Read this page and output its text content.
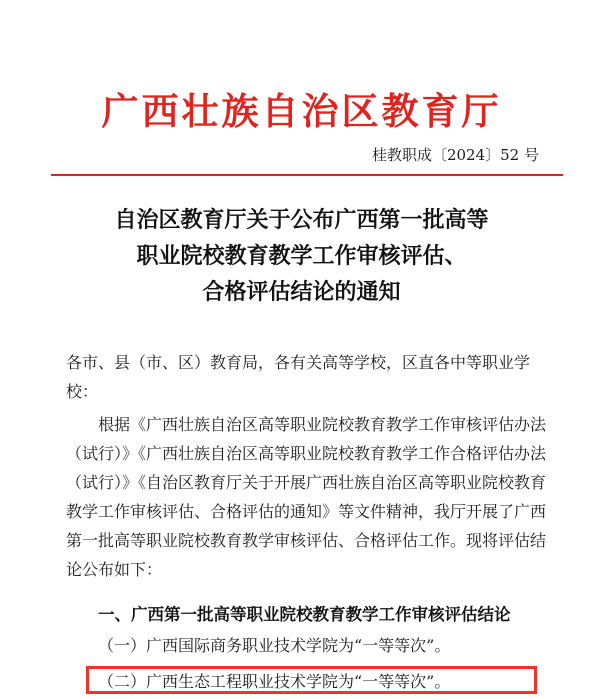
广西壮族自治区教育厅
桂教职成〔2024〕52 号
自治区教育厅关于公布广西第一批高等
职业院校教育教学工作审核评估、
合格评估结论的通知
各市、县（市、区）教育局，各有关高等学校，区直各中等职业学校：
根据《广西壮族自治区高等职业院校教育教学工作审核评估办法（试行）》《广西壮族自治区高等职业院校教育教学工作合格评估办法（试行）》《自治区教育厅关于开展广西壮族自治区高等职业院校教育教学工作审核评估、合格评估的通知》等文件精神，我厅开展了广西第一批高等职业院校教育教学审核评估、合格评估工作。现将评估结论公布如下：
一、广西第一批高等职业院校教育教学工作审核评估结论
（一）广西国际商务职业技术学院为“一等等次”。
（二）广西生态工程职业技术学院为“一等等次”。
